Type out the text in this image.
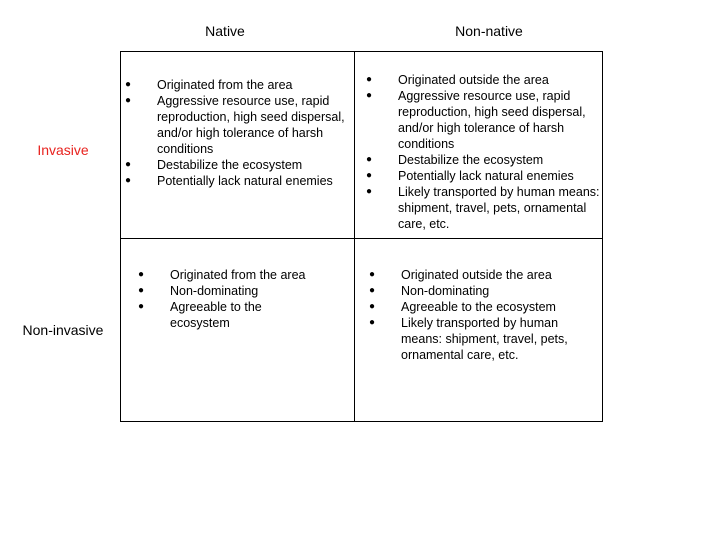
Native	Non-native
Invasive
Non-invasive
● Originated from the area
● Aggressive resource use, rapid reproduction, high seed dispersal, and/or high tolerance of harsh conditions
● Destabilize the ecosystem
● Potentially lack natural enemies
● Originated outside the area
● Aggressive resource use, rapid reproduction, high seed dispersal, and/or high tolerance of harsh conditions
● Destabilize the ecosystem
● Potentially lack natural enemies
● Likely transported by human means: shipment, travel, pets, ornamental care, etc.
● Originated from the area
● Non-dominating
● Agreeable to the ecosystem
● Originated outside the area
● Non-dominating
● Agreeable to the ecosystem
● Likely transported by human means: shipment, travel, pets, ornamental care, etc.
